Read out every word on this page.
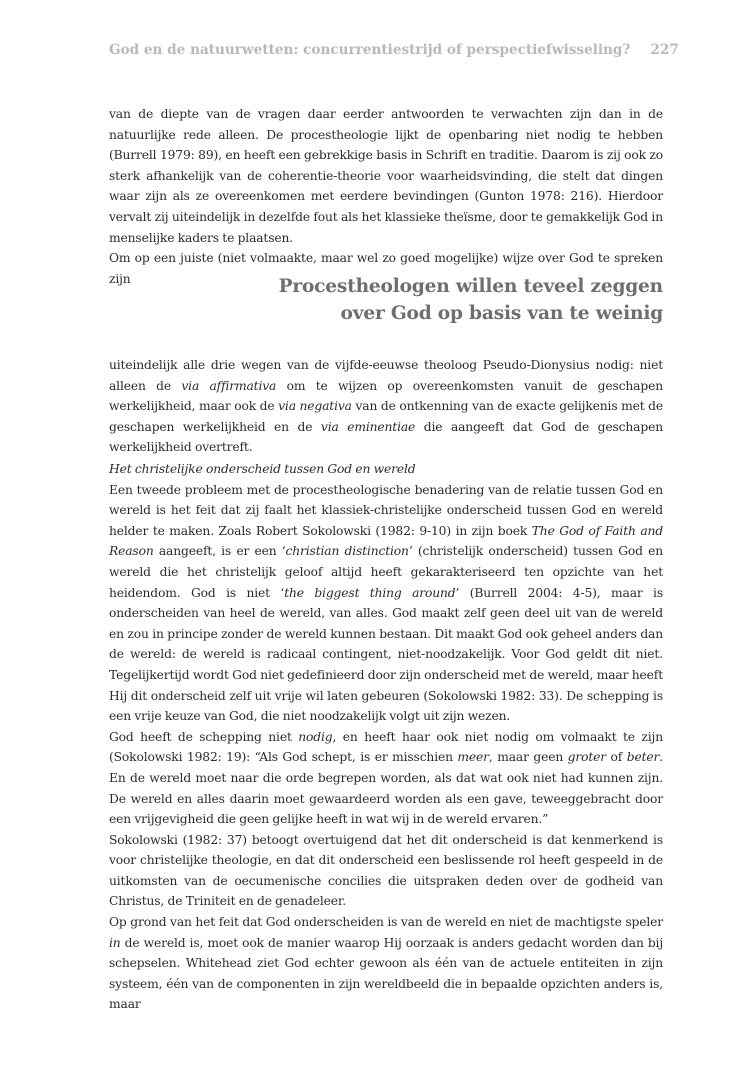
God en de natuurwetten: concurrentiestrijd of perspectiefwisseling? 227

van de diepte van de vragen daar eerder antwoorden te verwachten zijn dan in de natuurlijke rede alleen. De procestheologie lijkt de openbaring niet nodig te hebben (Burrell 1979: 89), en heeft een gebrekkige basis in Schrift en traditie. Daarom is zij ook zo sterk afhankelijk van de coherentie-theorie voor waarheidsvinding, die stelt dat dingen waar zijn als ze overeenkomen met eerdere bevindingen (Gunton 1978: 216). Hierdoor vervalt zij uiteindelijk in dezelfde fout als het klassieke theïsme, door te gemakkelijk God in menselijke kaders te plaatsen.

Om op een juiste (niet volmaakte, maar wel zo goed mogelijke) wijze over God te spreken zijn	Procestheologen willen teveel zeggen
over God op basis van te weinig

uiteindelijk alle drie wegen van de vijfde-eeuwse theoloog Pseudo-Dionysius nodig: niet alleen de via affirmativa om te wijzen op overeenkomsten vanuit de geschapen werkelijkheid, maar ook de via negativa van de ontkenning van de exacte gelijkenis met de geschapen werkelijkheid en de via eminentiae die aangeeft dat God de geschapen werkelijkheid overtreft.

Het christelijke onderscheid tussen God en wereld

Een tweede probleem met de procestheologische benadering van de relatie tussen God en wereld is het feit dat zij faalt het klassiek-christelijke onderscheid tussen God en wereld helder te maken. Zoals Robert Sokolowski (1982: 9-10) in zijn boek The God of Faith and Reason aangeeft, is er een ‘christian distinction’ (christelijk onderscheid) tussen God en wereld die het christelijk geloof altijd heeft gekarakteriseerd ten opzichte van het heidendom. God is niet ‘the biggest thing around’ (Burrell 2004: 4-5), maar is onderscheiden van heel de wereld, van alles. God maakt zelf geen deel uit van de wereld en zou in principe zonder de wereld kunnen bestaan. Dit maakt God ook geheel anders dan de wereld: de wereld is radicaal contingent, niet-noodzakelijk. Voor God geldt dit niet. Tegelijkertijd wordt God niet gedefinieerd door zijn onderscheid met de wereld, maar heeft Hij dit onderscheid zelf uit vrije wil laten gebeuren (Sokolowski 1982: 33). De schepping is een vrije keuze van God, die niet noodzakelijk volgt uit zijn wezen.

God heeft de schepping niet nodig, en heeft haar ook niet nodig om volmaakt te zijn (Sokolowski 1982: 19): “Als God schept, is er misschien meer, maar geen groter of beter. En de wereld moet naar die orde begrepen worden, als dat wat ook niet had kunnen zijn. De wereld en alles daarin moet gewaardeerd worden als een gave, teweeggebracht door een vrijgevigheid die geen gelijke heeft in wat wij in de wereld ervaren.”

Sokolowski (1982: 37) betoogt overtuigend dat het dit onderscheid is dat kenmerkend is voor christelijke theologie, en dat dit onderscheid een beslissende rol heeft gespeeld in de uitkomsten van de oecumenische concilies die uitspraken deden over de godheid van Christus, de Triniteit en de genadeleer.

Op grond van het feit dat God onderscheiden is van de wereld en niet de machtigste speler in de wereld is, moet ook de manier waarop Hij oorzaak is anders gedacht worden dan bij schepselen. Whitehead ziet God echter gewoon als één van de actuele entiteiten in zijn systeem, één van de componenten in zijn wereldbeeld die in bepaalde opzichten anders is, maar
